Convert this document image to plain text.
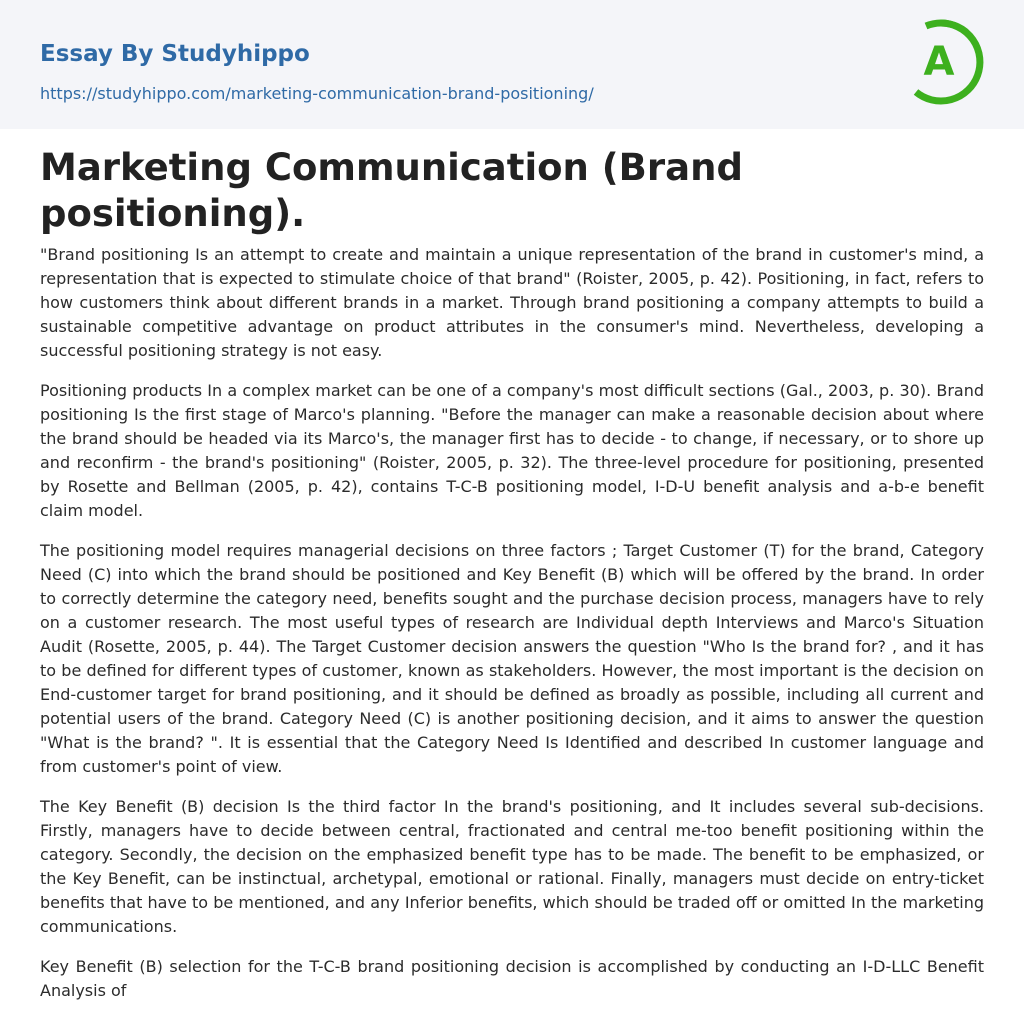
Essay By Studyhippo
https://studyhippo.com/marketing-communication-brand-positioning/
A
Marketing Communication (Brand positioning).

"Brand positioning Is an attempt to create and maintain a unique representation of the brand in customer's mind, a representation that is expected to stimulate choice of that brand" (Roister, 2005, p. 42). Positioning, in fact, refers to how customers think about different brands in a market. Through brand positioning a company attempts to build a sustainable competitive advantage on product attributes in the consumer's mind. Nevertheless, developing a successful positioning strategy is not easy.

Positioning products In a complex market can be one of a company's most difficult sections (Gal., 2003, p. 30). Brand positioning Is the first stage of Marco's planning. "Before the manager can make a reasonable decision about where the brand should be headed via its Marco's, the manager first has to decide - to change, if necessary, or to shore up and reconfirm - the brand's positioning" (Roister, 2005, p. 32). The three-level procedure for positioning, presented by Rosette and Bellman (2005, p. 42), contains T-C-B positioning model, I-D-U benefit analysis and a-b-e benefit claim model.

The positioning model requires managerial decisions on three factors ; Target Customer (T) for the brand, Category Need (C) into which the brand should be positioned and Key Benefit (B) which will be offered by the brand. In order to correctly determine the category need, benefits sought and the purchase decision process, managers have to rely on a customer research. The most useful types of research are Individual depth Interviews and Marco's Situation Audit (Rosette, 2005, p. 44). The Target Customer decision answers the question "Who Is the brand for? , and it has to be defined for different types of customer, known as stakeholders. However, the most important is the decision on End-customer target for brand positioning, and it should be defined as broadly as possible, including all current and potential users of the brand. Category Need (C) is another positioning decision, and it aims to answer the question "What is the brand? ". It is essential that the Category Need Is Identified and described In customer language and from customer's point of view.

The Key Benefit (B) decision Is the third factor In the brand's positioning, and It includes several sub-decisions. Firstly, managers have to decide between central, fractionated and central me-too benefit positioning within the category. Secondly, the decision on the emphasized benefit type has to be made. The benefit to be emphasized, or the Key Benefit, can be instinctual, archetypal, emotional or rational. Finally, managers must decide on entry-ticket benefits that have to be mentioned, and any Inferior benefits, which should be traded off or omitted In the marketing communications.

Key Benefit (B) selection for the T-C-B brand positioning decision is accomplished by conducting an I-D-LLC Benefit Analysis of
